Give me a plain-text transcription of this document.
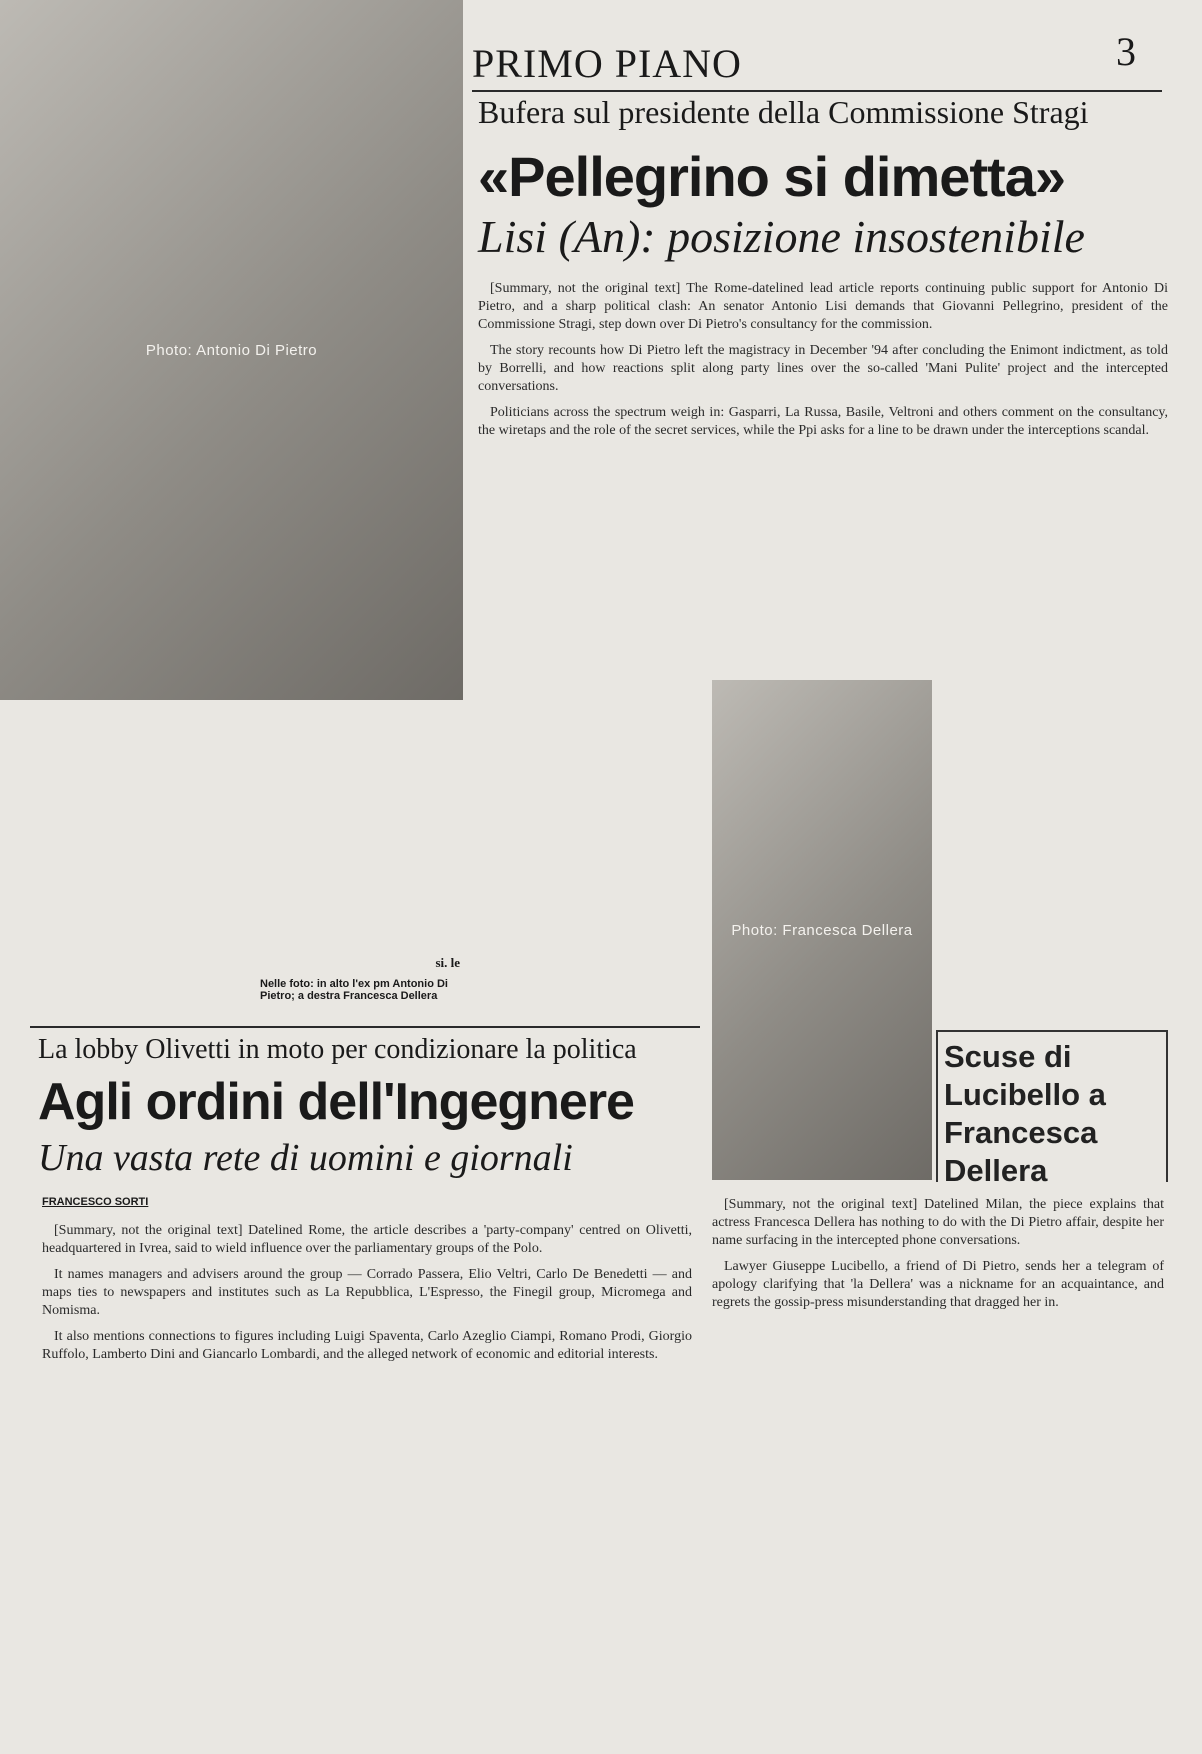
Photo: Antonio Di Pietro
PRIMO PIANO	3
Bufera sul presidente della Commissione Stragi
«Pellegrino si dimetta»
Lisi (An): posizione insostenibile

[Summary, not the original text] The Rome-datelined lead article reports continuing public support for Antonio Di Pietro, and a sharp political clash: An senator Antonio Lisi demands that Giovanni Pellegrino, president of the Commissione Stragi, step down over Di Pietro's consultancy for the commission.

The story recounts how Di Pietro left the magistracy in December '94 after concluding the Enimont indictment, as told by Borrelli, and how reactions split along party lines over the so-called 'Mani Pulite' project and the intercepted conversations.

Politicians across the spectrum weigh in: Gasparri, La Russa, Basile, Veltroni and others comment on the consultancy, the wiretaps and the role of the secret services, while the Ppi asks for a line to be drawn under the interceptions scandal.

Photo: Francesca Dellera
Nelle foto: in alto l'ex pm Antonio Di Pietro; a destra Francesca Dellera
si. le
La lobby Olivetti in moto per condizionare la politica
Agli ordini dell'Ingegnere
Una vasta rete di uomini e giornali
FRANCESCO SORTI

[Summary, not the original text] Datelined Rome, the article describes a 'party-company' centred on Olivetti, headquartered in Ivrea, said to wield influence over the parliamentary groups of the Polo.

It names managers and advisers around the group — Corrado Passera, Elio Veltri, Carlo De Benedetti — and maps ties to newspapers and institutes such as La Repubblica, L'Espresso, the Finegil group, Micromega and Nomisma.

It also mentions connections to figures including Luigi Spaventa, Carlo Azeglio Ciampi, Romano Prodi, Giorgio Ruffolo, Lamberto Dini and Giancarlo Lombardi, and the alleged network of economic and editorial interests.

Scuse di Lucibello a Francesca Dellera

[Summary, not the original text] Datelined Milan, the piece explains that actress Francesca Dellera has nothing to do with the Di Pietro affair, despite her name surfacing in the intercepted phone conversations.

Lawyer Giuseppe Lucibello, a friend of Di Pietro, sends her a telegram of apology clarifying that 'la Dellera' was a nickname for an acquaintance, and regrets the gossip-press misunderstanding that dragged her in.
